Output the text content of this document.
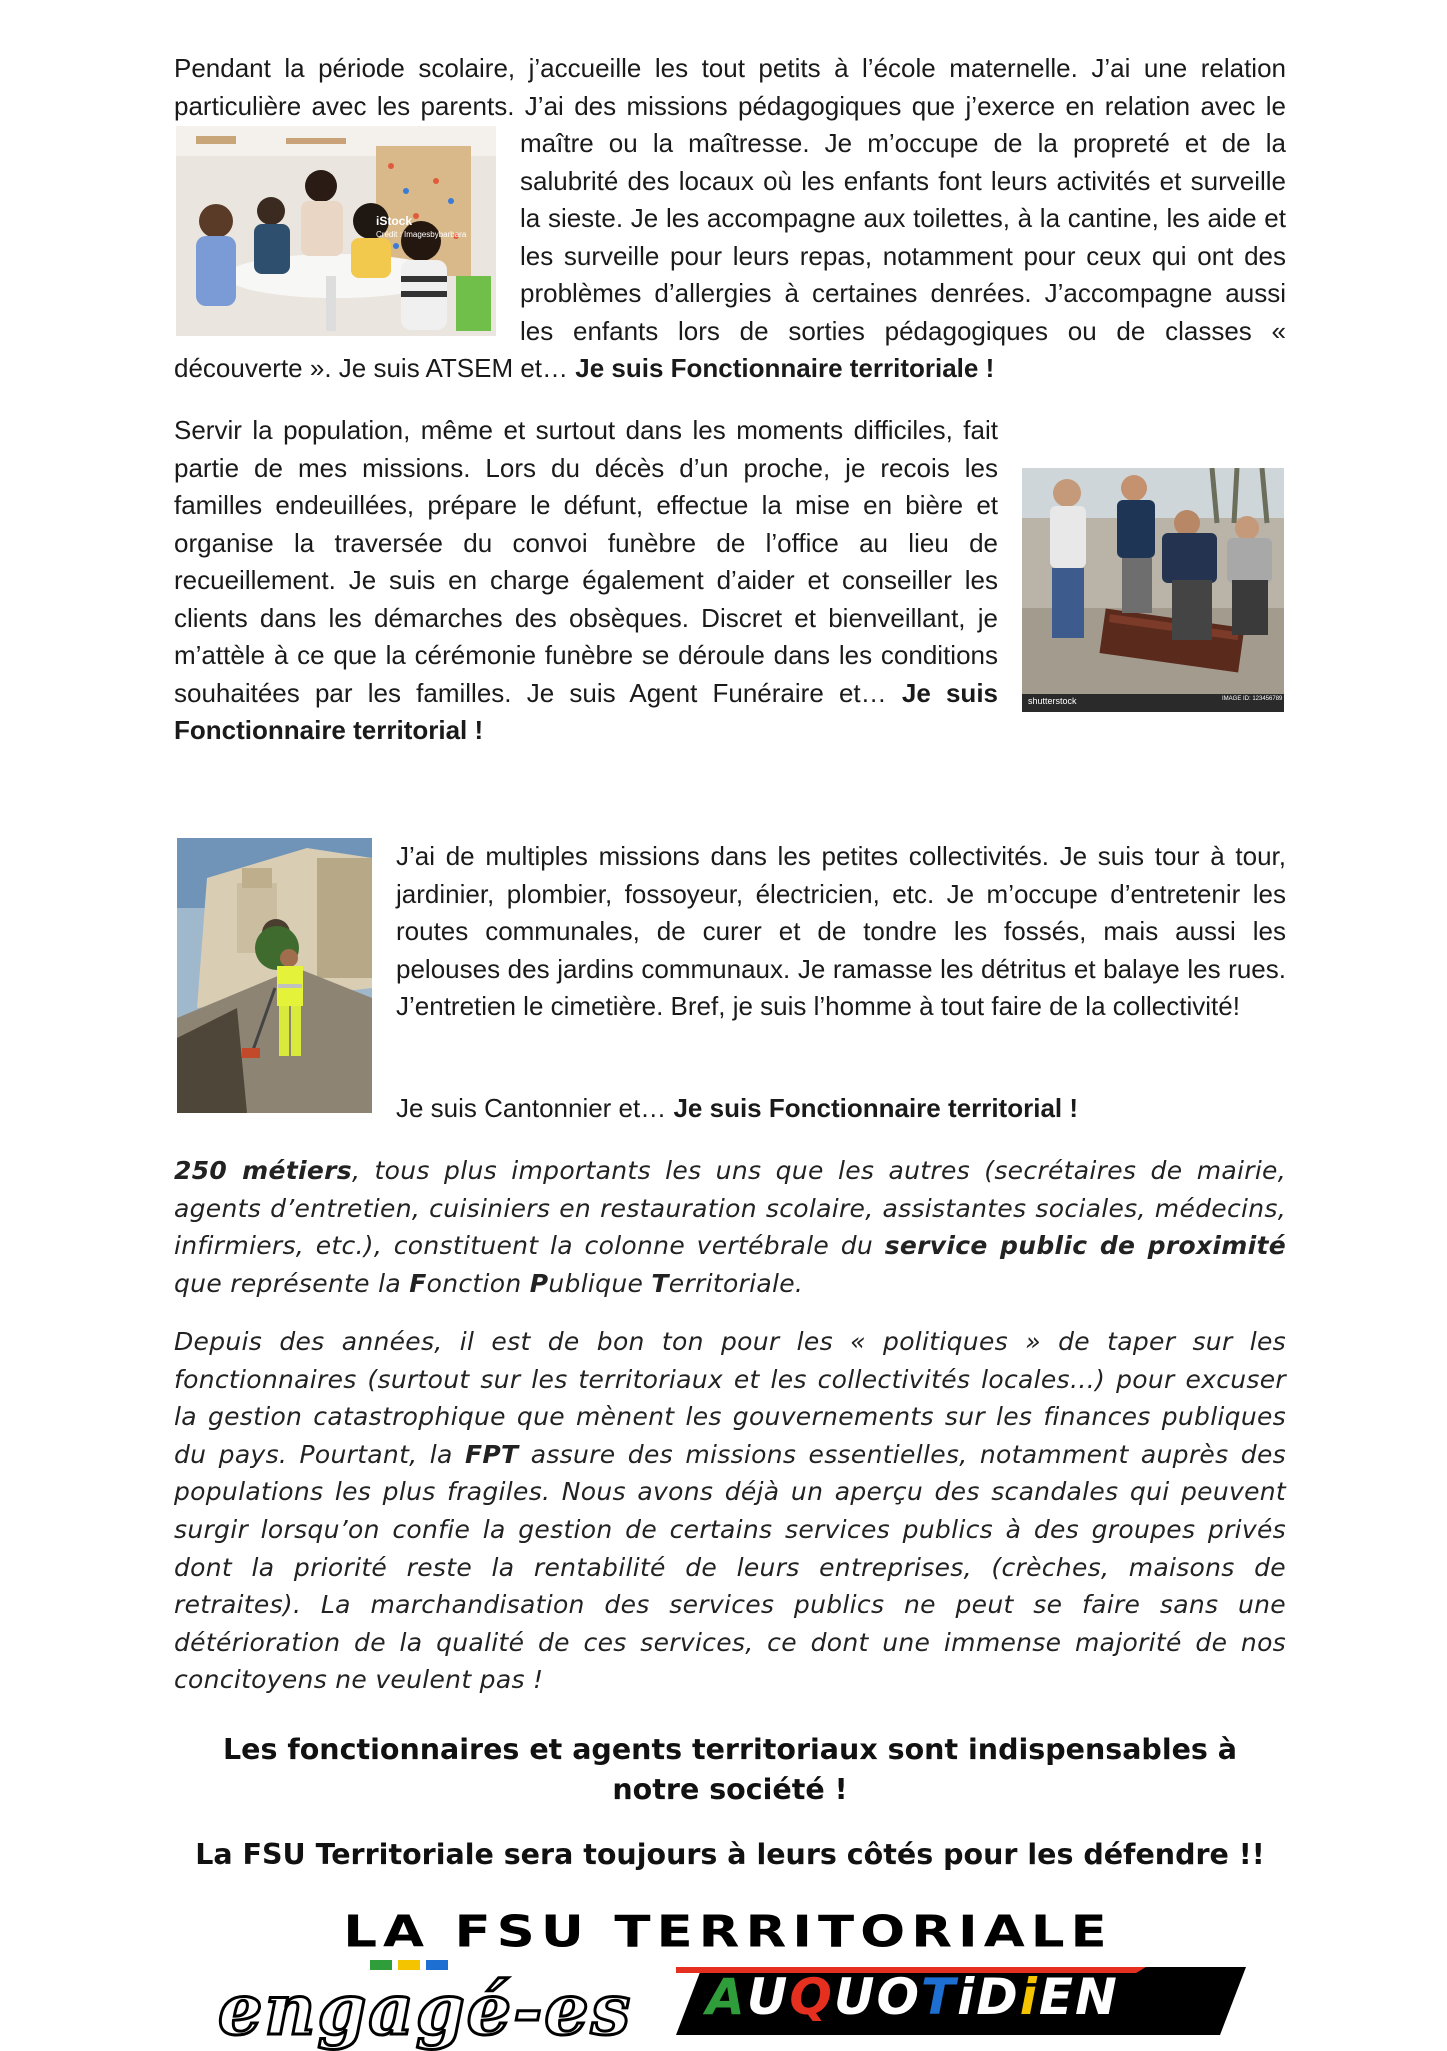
iStock
Crédit : Imagesbybarbara

Pendant la période scolaire, j’accueille les tout petits à l’école maternelle. J’ai une relation particulière avec les parents. J’ai des missions pédagogiques que j’exerce en relation avec le maître ou la maîtresse. Je m’occupe de la propreté et de la salubrité des locaux où les enfants font leurs activités et surveille la sieste. Je les accompagne aux toilettes, à la cantine, les aide et les surveille pour leurs repas, notamment pour ceux qui ont des problèmes d’allergies à certaines denrées. J’accompagne aussi les enfants lors de sorties pédagogiques ou de classes « découverte ». Je suis ATSEM et… Je suis Fonctionnaire territoriale !

shutterstock	IMAGE ID: 123456789

Servir la population, même et surtout dans les moments difficiles, fait partie de mes missions. Lors du décès d’un proche, je recois les familles endeuillées, prépare le défunt, effectue la mise en bière et organise la traversée du convoi funèbre de l’office au lieu de recueillement. Je suis en charge également d’aider et conseiller les clients dans les démarches des obsèques. Discret et bienveillant, je m’attèle à ce que la cérémonie funèbre se déroule dans les conditions souhaitées par les familles. Je suis Agent Funéraire et… Je suis Fonctionnaire territorial !

J’ai de multiples missions dans les petites collectivités. Je suis tour à tour, jardinier, plombier, fossoyeur, électricien, etc. Je m’occupe d’entretenir les routes communales, de curer et de tondre les fossés, mais aussi les pelouses des jardins communaux. Je ramasse les détritus et balaye les rues. J’entretien le cimetière. Bref, je suis l’homme à tout faire de la collectivité!

Je suis Cantonnier et… Je suis Fonctionnaire territorial !

250 métiers, tous plus importants les uns que les autres (secrétaires de mairie, agents d’entretien, cuisiniers en restauration scolaire, assistantes sociales, médecins, infirmiers, etc.), constituent la colonne vertébrale du service public de proximité que représente la Fonction Publique Territoriale.

Depuis des années, il est de bon ton pour les « politiques » de taper sur les fonctionnaires (surtout sur les territoriaux et les collectivités locales…) pour excuser la gestion catastrophique que mènent les gouvernements sur les finances publiques du pays. Pourtant, la FPT assure des missions essentielles, notamment auprès des populations les plus fragiles. Nous avons déjà un aperçu des scandales qui peuvent surgir lorsqu’on confie la gestion de certains services publics à des groupes privés dont la priorité reste la rentabilité de leurs entreprises, (crèches, maisons de retraites). La marchandisation des services publics ne peut se faire sans une détérioration de la qualité de ces services, ce dont une immense majorité de nos concitoyens ne veulent pas !

Les fonctionnaires et agents territoriaux sont indispensables à
notre société !
La FSU Territoriale sera toujours à leurs côtés pour les défendre !!
LA FSU TERRITORIALE
AUQUOTiDiEN
engagé-es
